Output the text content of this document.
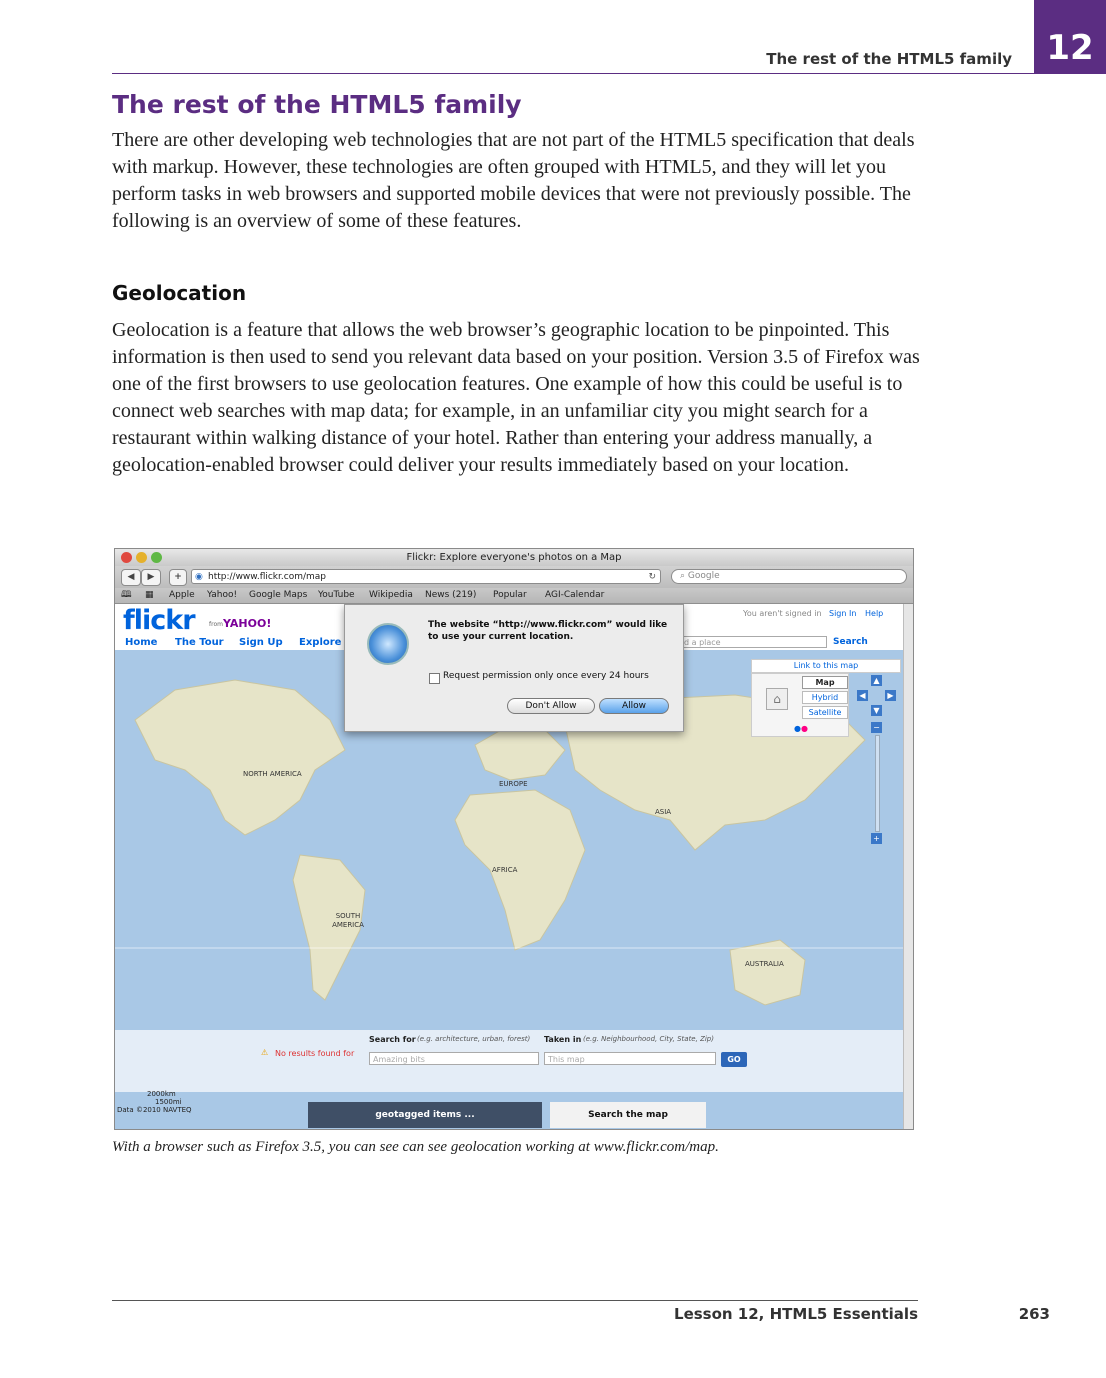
The rest of the HTML5 family 12
The rest of the HTML5 family

There are other developing web technologies that are not part of the HTML5 specification that deals with markup. However, these technologies are often grouped with HTML5, and they will let you perform tasks in web browsers and supported mobile devices that were not previously possible. The following is an overview of some of these features.

Geolocation

Geolocation is a feature that allows the web browser’s geographic location to be pinpointed. This information is then used to send you relevant data based on your position. Version 3.5 of Firefox was one of the first browsers to use geolocation features. One example of how this could be useful is to connect web searches with map data; for example, in an unfamiliar city you might search for a restaurant within walking distance of your hotel. Rather than entering your address manually, a geolocation-enabled browser could deliver your results immediately based on your location.

Flickr: Explore everyone's photos on a Map
◀	▶	+	◉ http://www.flickr.com/map	↻	⌕ Google
🕮 ▦ Apple Yahoo! Google Maps YouTube Wikipedia News (219) Popular AGI-Calendar
flickr from YAHOO!
Home The Tour Sign Up Explore
You aren't signed in Sign In Help
d a place	Search
NORTH AMERICA
EUROPE
ASIA
AFRICA
SOUTH AMERICA
AUSTRALIA
Link to this map
⌂
Map
Hybrid
Satellite
●●
▲
◀	▶
▼
−
+
Search for (e.g. architecture, urban, forest) Taken in (e.g. Neighbourhood, City, State, Zip)
⚠ No results found for
Amazing bits	This map	GO
geotagged items ...	Search the map
2000km
1500mi
Data ©2010 NAVTEQ
The website “http://www.flickr.com” would like to use your current location.
Request permission only once every 24 hours
Don't Allow	Allow

With a browser such as Firefox 3.5, you can see can see geolocation working at www.flickr.com/map.

Lesson 12, HTML5 Essentials	263
